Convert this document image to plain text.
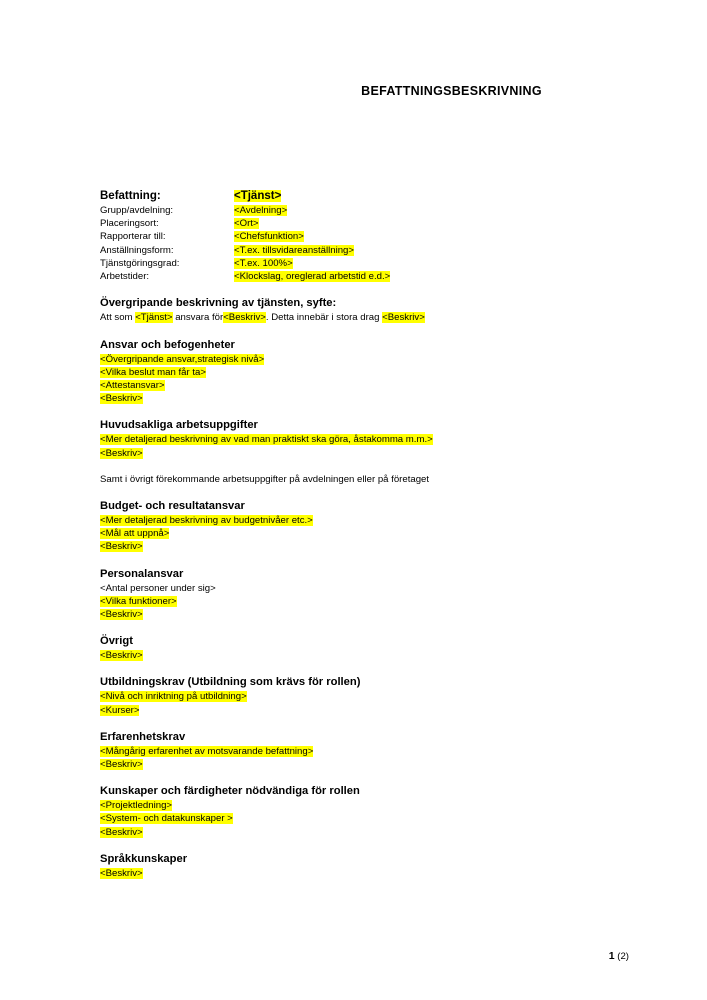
BEFATTNINGSBESKRIVNING
Befattning:	<Tjänst>
Grupp/avdelning:	<Avdelning>
Placeringsort:	<Ort>
Rapporterar till:	<Chefsfunktion>
Anställningsform:	<T.ex. tillsvidareanställning>
Tjänstgöringsgrad:	<T.ex. 100%>
Arbetstider:	<Klockslag, oreglerad arbetstid e.d.>
Övergripande beskrivning av tjänsten, syfte:

Att som <Tjänst> ansvara för<Beskriv>. Detta innebär i stora drag <Beskriv>

Ansvar och befogenheter
<Övergripande ansvar,strategisk nivå>
<Vilka beslut man får ta>
<Attestansvar>
<Beskriv>
Huvudsakliga arbetsuppgifter
<Mer detaljerad beskrivning av vad man praktiskt ska göra, åstakomma m.m.>
<Beskriv>
Samt i övrigt förekommande arbetsuppgifter på avdelningen eller på företaget
Budget- och resultatansvar
<Mer detaljerad beskrivning av budgetnivåer etc.>
<Mål att uppnå>
<Beskriv>
Personalansvar
<Antal personer under sig>
<Vilka funktioner>
<Beskriv>
Övrigt
<Beskriv>
Utbildningskrav (Utbildning som krävs för rollen)
<Nivå och inriktning på utbildning>
<Kurser>
Erfarenhetskrav
<Mångårig erfarenhet av motsvarande befattning>
<Beskriv>
Kunskaper och färdigheter nödvändiga för rollen
<Projektledning>
<System- och datakunskaper >
<Beskriv>
Språkkunskaper
<Beskriv>
1 (2)
